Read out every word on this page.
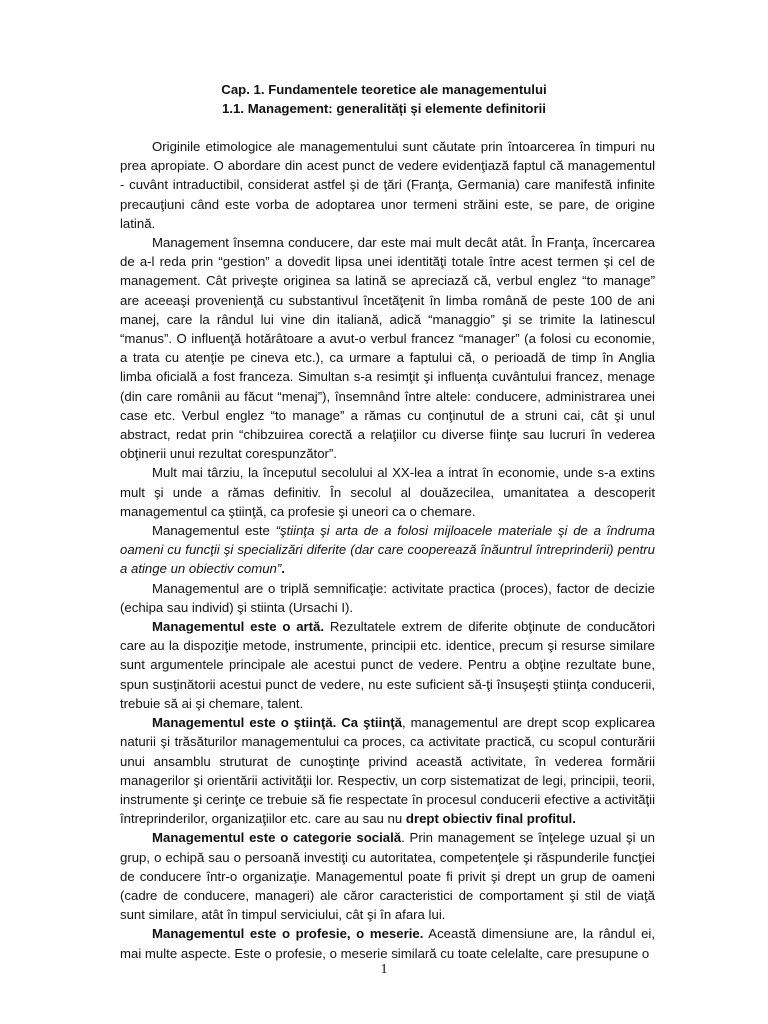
Cap. 1. Fundamentele teoretice ale managementului

1.1. Management: generalități și elemente definitorii

Originile etimologice ale managementului sunt căutate prin întoarcerea în timpuri nu prea apropiate. O abordare din acest punct de vedere evidenţiază faptul că managementul - cuvânt intraductibil, considerat astfel şi de ţări (Franţa, Germania) care manifestă infinite precauţiuni când este vorba de adoptarea unor termeni străini este, se pare, de origine latină.

Management însemna conducere, dar este mai mult decât atât. În Franţa, încercarea de a-l reda prin “gestion” a dovedit lipsa unei identităţi totale între acest termen şi cel de management. Cât priveşte originea sa latină se apreciază că, verbul englez “to manage” are aceeaşi provenienţă cu substantivul încetăţenit în limba română de peste 100 de ani manej, care la rândul lui vine din italiană, adică “managgio” şi se trimite la latinescul “manus”. O influenţă hotărâtoare a avut-o verbul francez “manager” (a folosi cu economie, a trata cu atenţie pe cineva etc.), ca urmare a faptului că, o perioadă de timp în Anglia limba oficială a fost franceza. Simultan s-a resimţit şi influenţa cuvântului francez, menage (din care românii au făcut “menaj”), însemnând între altele: conducere, administrarea unei case etc. Verbul englez “to manage” a rămas cu conţinutul de a struni cai, cât şi unul abstract, redat prin “chibzuirea corectă a relaţiilor cu diverse fiinţe sau lucruri în vederea obţinerii unui rezultat corespunzător”.

Mult mai târziu, la începutul secolului al XX-lea a intrat în economie, unde s-a extins mult şi unde a rămas definitiv. În secolul al douăzecilea, umanitatea a descoperit managementul ca ştiinţă, ca profesie şi uneori ca o chemare.

Managementul este “ştiinţa şi arta de a folosi mijloacele materiale şi de a îndruma oameni cu funcţii şi specializări diferite (dar care cooperează înăuntrul întreprinderii) pentru a atinge un obiectiv comun”.

Managementul are o triplă semnificaţie: activitate practica (proces), factor de decizie (echipa sau individ) şi stiinta (Ursachi I).

Managementul este o artă. Rezultatele extrem de diferite obţinute de conducători care au la dispoziţie metode, instrumente, principii etc. identice, precum şi resurse similare sunt argumentele principale ale acestui punct de vedere. Pentru a obţine rezultate bune, spun susţinătorii acestui punct de vedere, nu este suficient să-ţi însuşeşti ştiinţa conducerii, trebuie să ai şi chemare, talent.

Managementul este o ştiinţă. Ca ştiinţă, managementul are drept scop explicarea naturii şi trăsăturilor managementului ca proces, ca activitate practică, cu scopul conturării unui ansamblu struturat de cunoştinţe privind această activitate, în vederea formării managerilor şi orientării activităţii lor. Respectiv, un corp sistematizat de legi, principii, teorii, instrumente şi cerinţe ce trebuie să fie respectate în procesul conducerii efective a activităţii întreprinderilor, organizaţiilor etc. care au sau nu drept obiectiv final profitul.

Managementul este o categorie socială. Prin management se înţelege uzual şi un grup, o echipă sau o persoană investiţi cu autoritatea, competenţele şi răspunderile funcţiei de conducere într-o organizaţie. Managementul poate fi privit şi drept un grup de oameni (cadre de conducere, manageri) ale căror caracteristici de comportament şi stil de viaţă sunt similare, atât în timpul serviciului, cât şi în afara lui.

Managementul este o profesie, o meserie. Această dimensiune are, la rândul ei, mai multe aspecte. Este o profesie, o meserie similară cu toate celelalte, care presupune o

1
